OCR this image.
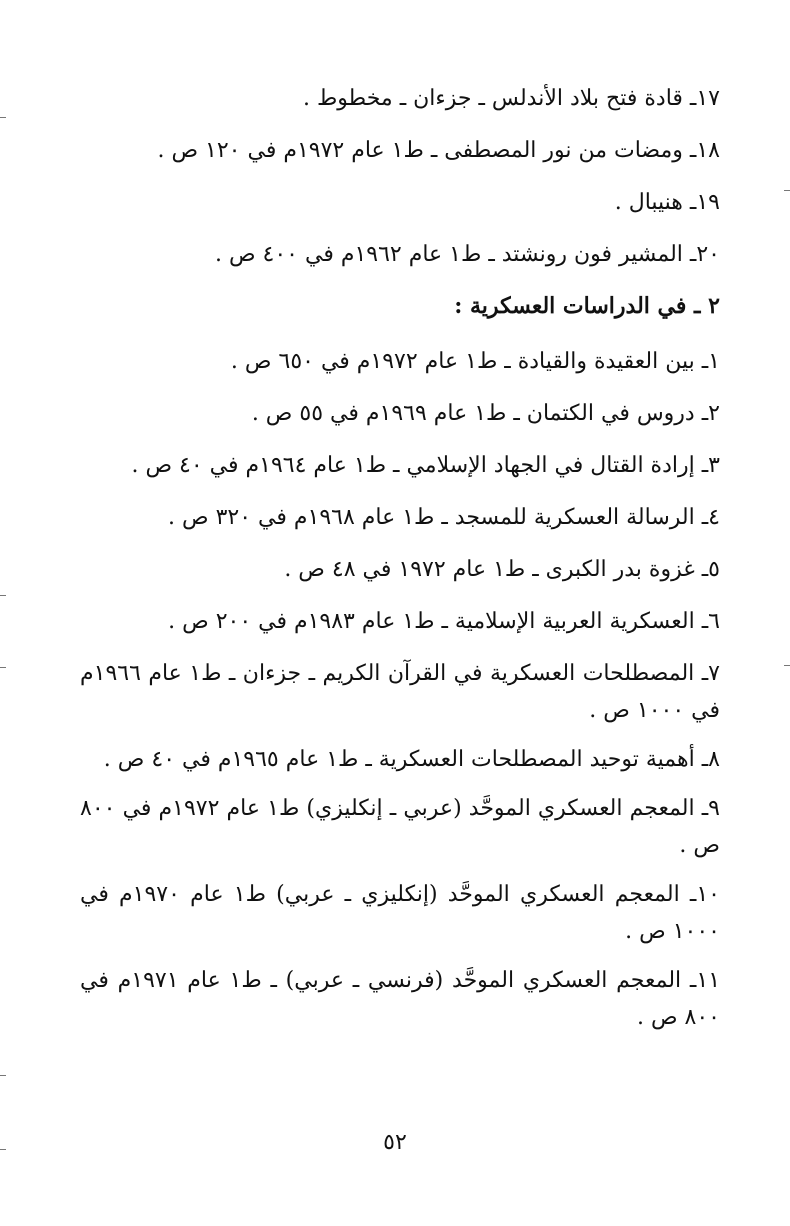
١٧ـ قادة فتح بلاد الأندلس ـ جزءان ـ مخطوط .
١٨ـ ومضات من نور المصطفى ـ ط١ عام ١٩٧٢م في ١٢٠ ص .
١٩ـ هنيبال .
٢٠ـ المشير فون رونشتد ـ ط١ عام ١٩٦٢م في ٤٠٠ ص .
٢ ـ في الدراسات العسكرية :
١ـ بين العقيدة والقيادة ـ ط١ عام ١٩٧٢م في ٦٥٠ ص .
٢ـ دروس في الكتمان ـ ط١ عام ١٩٦٩م في ٥٥ ص .
٣ـ إرادة القتال في الجهاد الإسلامي ـ ط١ عام ١٩٦٤م في ٤٠ ص .
٤ـ الرسالة العسكرية للمسجد ـ ط١ عام ١٩٦٨م في ٣٢٠ ص .
٥ـ غزوة بدر الكبرى ـ ط١ عام ١٩٧٢ في ٤٨ ص .
٦ـ العسكرية العربية الإسلامية ـ ط١ عام ١٩٨٣م في ٢٠٠ ص .
٧ـ المصطلحات العسكرية في القرآن الكريم ـ جزءان ـ ط١ عام ١٩٦٦م في ١٠٠٠ ص .
٨ـ أهمية توحيد المصطلحات العسكرية ـ ط١ عام ١٩٦٥م في ٤٠ ص .
٩ـ المعجم العسكري الموحَّد (عربي ـ إنكليزي) ط١ عام ١٩٧٢م في ٨٠٠ ص .
١٠ـ المعجم العسكري الموحَّد (إنكليزي ـ عربي) ط١ عام ١٩٧٠م في ١٠٠٠ ص .
١١ـ المعجم العسكري الموحَّد (فرنسي ـ عربي) ـ ط١ عام ١٩٧١م في ٨٠٠ ص .
٥٢
